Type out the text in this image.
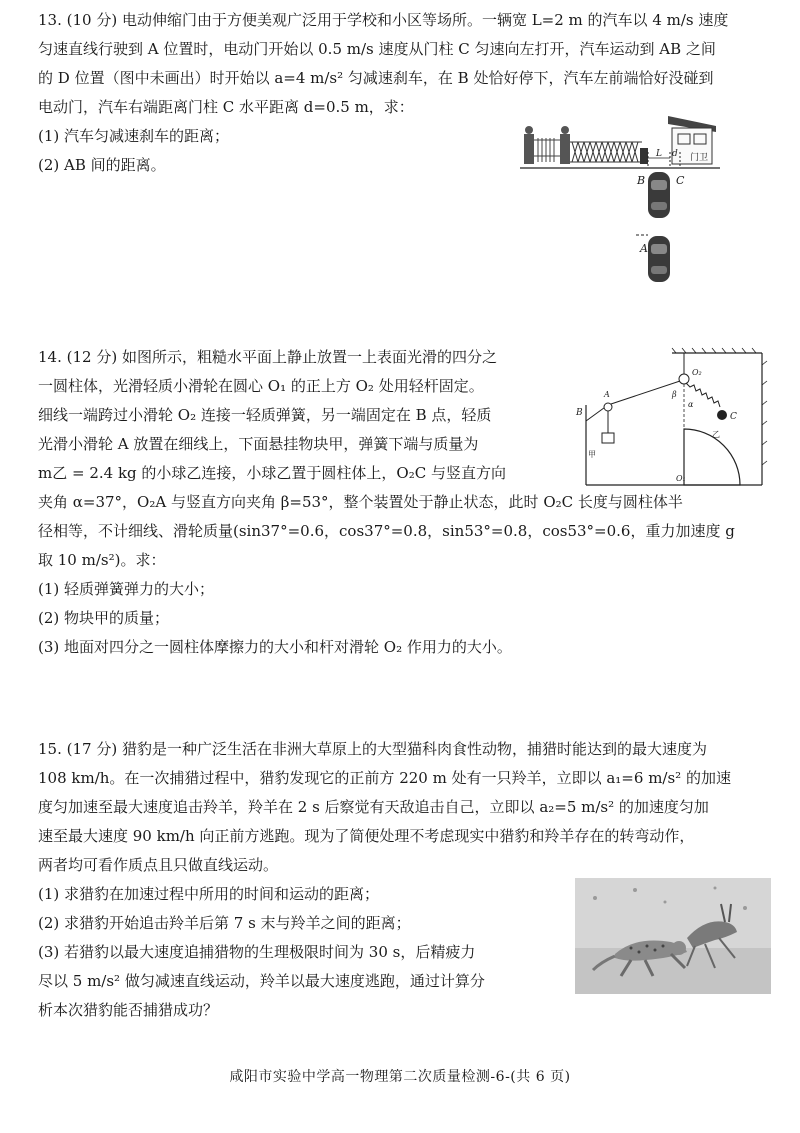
13. (10 分) 电动伸缩门由于方便美观广泛用于学校和小区等场所。一辆宽 L=2 m 的汽车以 4 m/s 速度

匀速直线行驶到 A 位置时，电动门开始以 0.5 m/s 速度从门柱 C 匀速向左打开，汽车运动到 AB 之间

的 D 位置（图中未画出）时开始以 a=4 m/s² 匀减速刹车，在 B 处恰好停下，汽车左前端恰好没碰到

电动门，汽车右端距离门柱 C 水平距离 d=0.5 m，求：

(1) 汽车匀减速刹车的距离；

(2) AB 间的距离。	门卫
L d
B	C
A

14. (12 分) 如图所示，粗糙水平面上静止放置一上表面光滑的四分之

一圆柱体，光滑轻质小滑轮在圆心 O₁ 的正上方 O₂ 处用轻杆固定。

细线一端跨过小滑轮 O₂ 连接一轻质弹簧，另一端固定在 B 点，轻质

光滑小滑轮 A 放置在细线上，下面悬挂物块甲，弹簧下端与质量为

m乙 = 2.4 kg 的小球乙连接，小球乙置于圆柱体上，O₂C 与竖直方向

夹角 α=37°，O₂A 与竖直方向夹角 β=53°，整个装置处于静止状态，此时 O₂C 长度与圆柱体半

径相等，不计细线、滑轮质量(sin37°=0.6，cos37°=0.8，sin53°=0.8，cos53°=0.6，重力加速度 g

取 10 m/s²)。求：

(1) 轻质弹簧弹力的大小；

(2) 物块甲的质量；

(3) 地面对四分之一圆柱体摩擦力的大小和杆对滑轮 O₂ 作用力的大小。

B
O₁
O₂
A
甲
C
乙
β
α

15. (17 分) 猎豹是一种广泛生活在非洲大草原上的大型猫科肉食性动物，捕猎时能达到的最大速度为

108 km/h。在一次捕猎过程中，猎豹发现它的正前方 220 m 处有一只羚羊，立即以 a₁=6 m/s² 的加速

度匀加速至最大速度追击羚羊，羚羊在 2 s 后察觉有天敌追击自己，立即以 a₂=5 m/s² 的加速度匀加

速至最大速度 90 km/h 向正前方逃跑。现为了简便处理不考虑现实中猎豹和羚羊存在的转弯动作，

两者均可看作质点且只做直线运动。

(1) 求猎豹在加速过程中所用的时间和运动的距离；

(2) 求猎豹开始追击羚羊后第 7 s 末与羚羊之间的距离；

(3) 若猎豹以最大速度追捕猎物的生理极限时间为 30 s，后精疲力

尽以 5 m/s² 做匀减速直线运动，羚羊以最大速度逃跑，通过计算分

析本次猎豹能否捕猎成功？

咸阳市实验中学高一物理第二次质量检测-6-(共 6 页)
